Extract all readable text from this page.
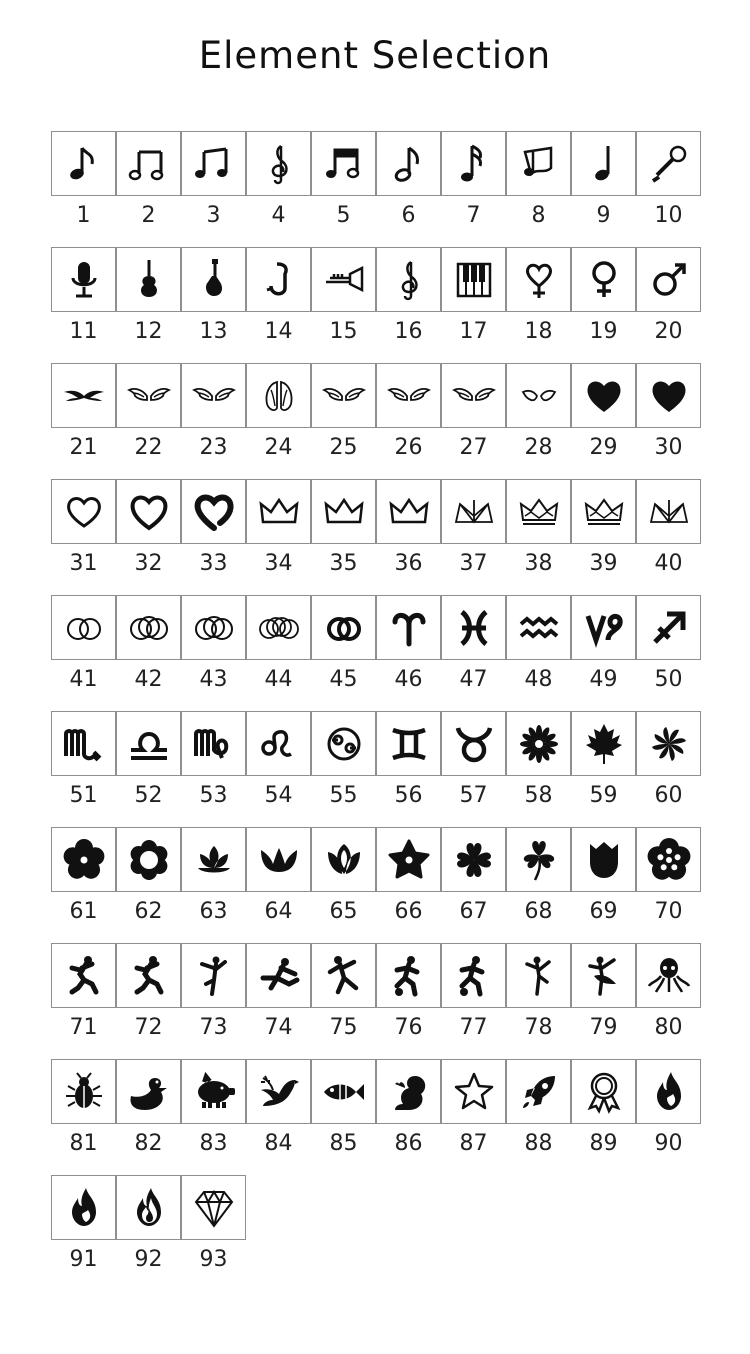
Element Selection
1	2	3	4	5	6	7	8	9	10
11	12	13	14	15	16	17	18	19	20
21	22	23	24	25	26	27	28	29	30
31	32	33	34	35	36	37	38	39	40
41	42	43	44	45	46	47	48	49	50
51	52	53	54	55	56	57	58	59	60
61	62	63	64	65	66	67	68	69	70
71	72	73	74	75	76	77	78	79	80
81	82	83	84	85	86	87	88	89	90
91	92	93
